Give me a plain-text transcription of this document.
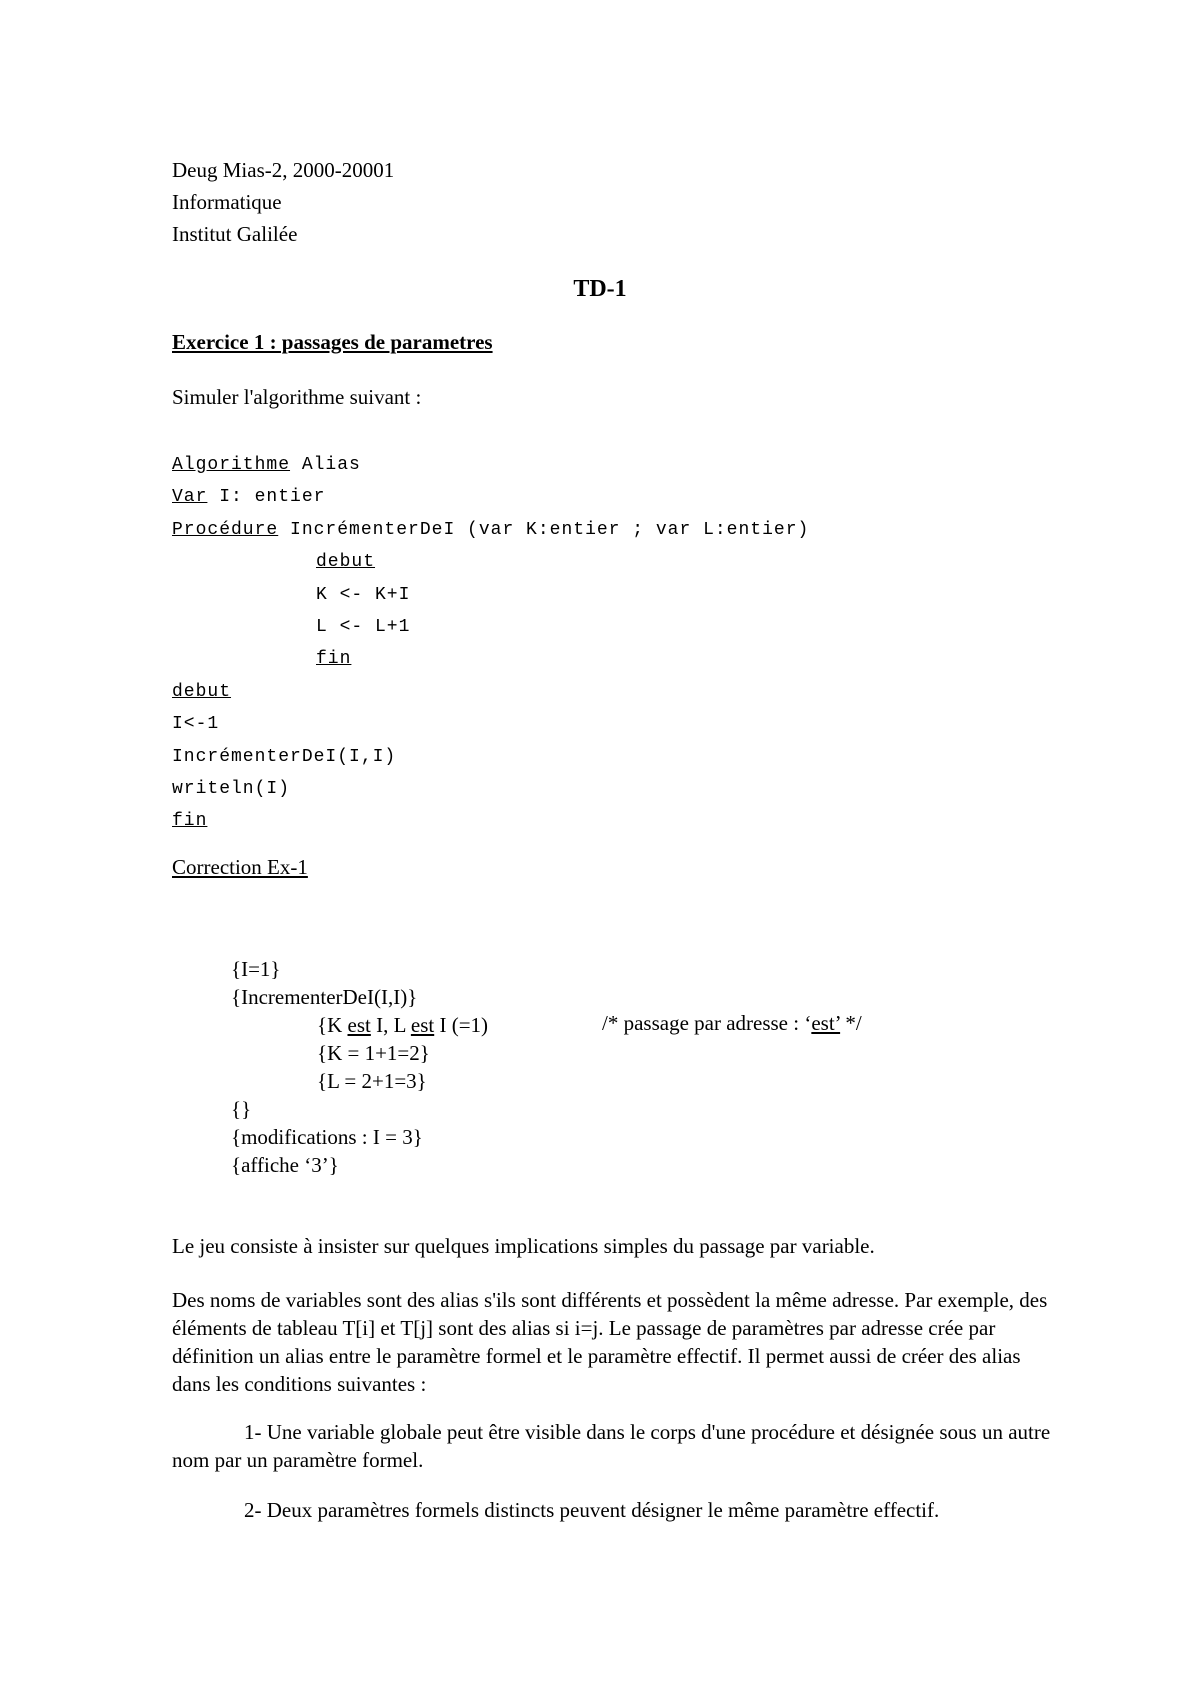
Deug Mias-2, 2000-20001
Informatique
Institut Galilée
TD-1
Exercice 1 : passages de parametres
Simuler l'algorithme suivant :
Algorithme Alias
Var I: entier
Procédure IncrémenterDeI (var K:entier ; var L:entier)
debut
K <- K+I
L <- L+1
fin
debut
I<-1
IncrémenterDeI(I,I)
writeln(I)
fin
Correction Ex-1
{I=1}
{IncrementerDeI(I,I)}
{K est I, L est I (=1)
{K = 1+1=2}
{L = 2+1=3}
{}
{modifications : I = 3}
{affiche ‘3’}
/* passage par adresse : ‘est’ */
Le jeu consiste à insister sur quelques implications simples du passage par variable.
Des noms de variables sont des alias s'ils sont différents et possèdent la même adresse. Par exemple, des éléments de tableau T[i] et T[j] sont des alias si i=j. Le passage de paramètres par adresse crée par définition un alias entre le paramètre formel et le paramètre effectif. Il permet aussi de créer des alias dans les conditions suivantes :
1- Une variable globale peut être visible dans le corps d'une procédure et désignée sous un autre nom par un paramètre formel.
2- Deux paramètres formels distincts peuvent désigner le même paramètre effectif.
